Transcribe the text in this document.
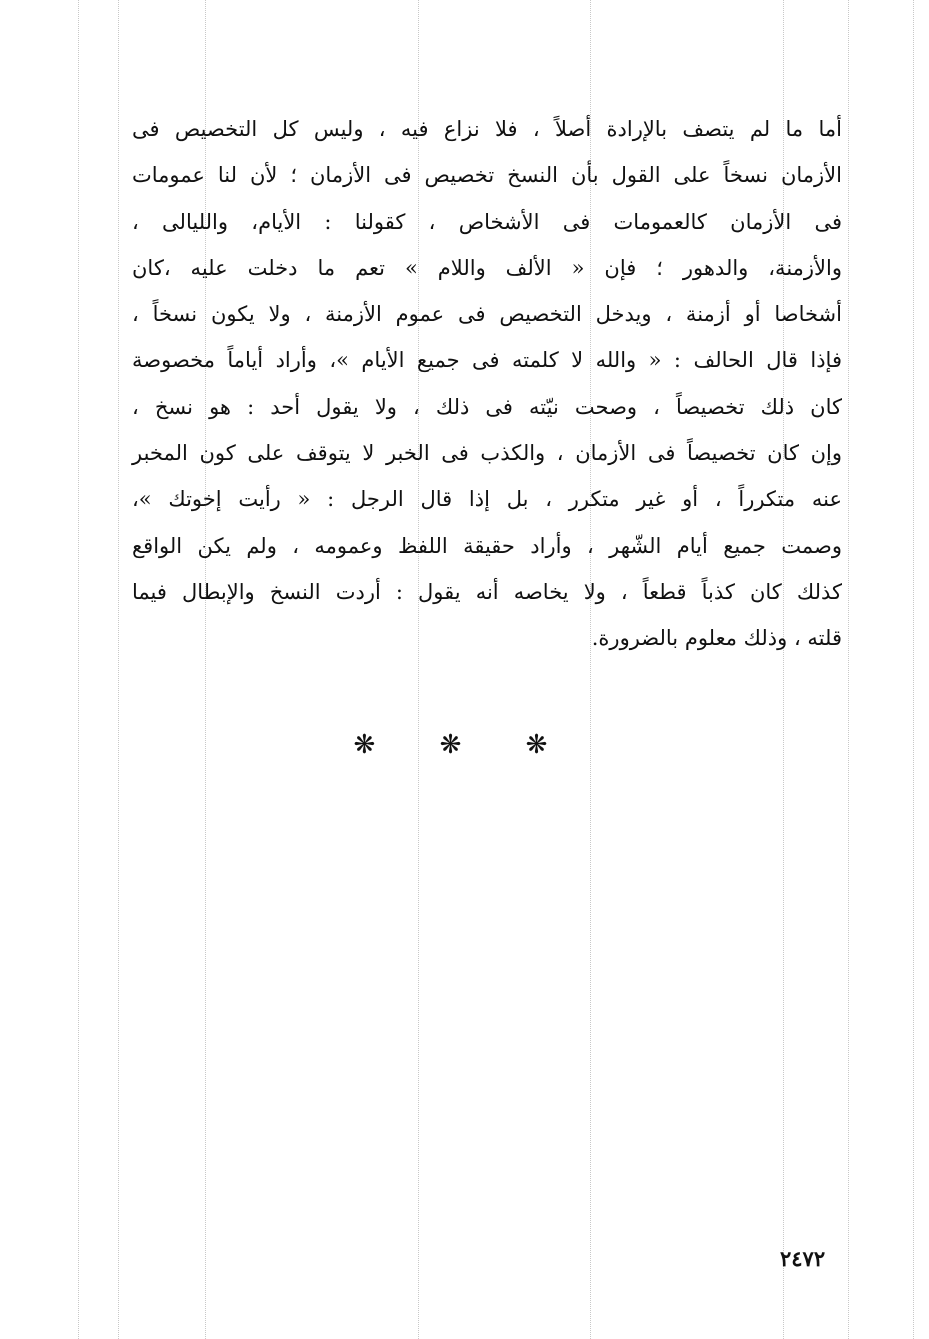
أما ما لم يتصف بالإرادة أصلاً ، فلا نزاع فيه ، وليس كل التخصيص فى
الأزمان نسخاً على القول بأن النسخ تخصيص فى الأزمان ؛ لأن لنا عمومات
فى الأزمان كالعمومات فى الأشخاص ، كقولنا : الأيام، والليالى ،
والأزمنة، والدهور ؛ فإن « الألف واللام » تعم ما دخلت عليه ،كان
أشخاصا أو أزمنة ، ويدخل التخصيص فى عموم الأزمنة ، ولا يكون نسخاً ،
فإذا قال الحالف : « والله لا كلمته فى جميع الأيام »، وأراد أياماً مخصوصة
كان ذلك تخصيصاً ، وصحت نيّته فى ذلك ، ولا يقول أحد : هو نسخ ،
وإن كان تخصيصاً فى الأزمان ، والكذب فى الخبر لا يتوقف على كون المخبر
عنه متكرراً ، أو غير متكرر ، بل إذا قال الرجل : « رأيت إخوتك »،
وصمت جميع أيام الشّهر ، وأراد حقيقة اللفظ وعمومه ، ولم يكن الواقع
كذلك كان كذباً قطعاً ، ولا يخاصه أنه يقول : أردت النسخ والإبطال فيما
قلته ، وذلك معلوم بالضرورة.

❋ ❋ ❋
٢٤٧٢
